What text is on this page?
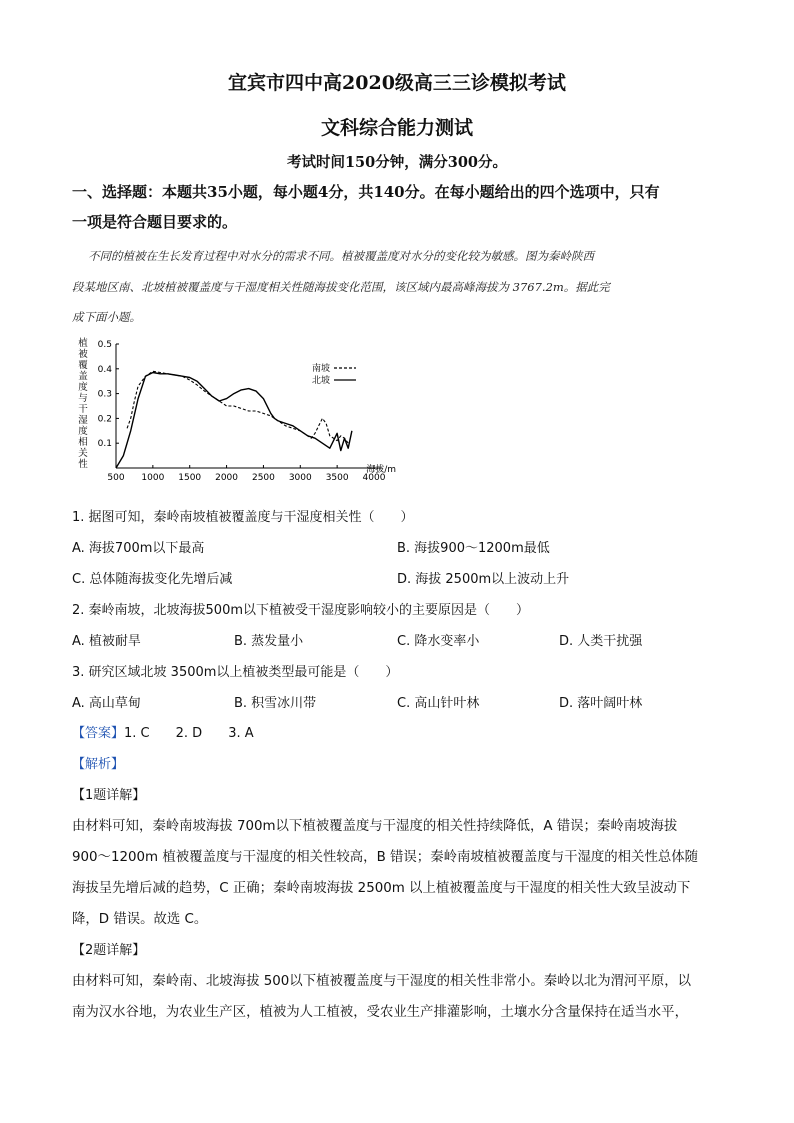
宜宾市四中高2020级高三三诊模拟考试
文科综合能力测试
考试时间150分钟，满分300分。
一、选择题：本题共35小题，每小题4分，共140分。在每小题给出的四个选项中，只有
一项是符合题目要求的。
不同的植被在生长发育过程中对水分的需求不同。植被覆盖度对水分的变化较为敏感。图为秦岭陕西
段某地区南、北坡植被覆盖度与干湿度相关性随海拔变化范围，该区域内最高峰海拔为 3767.2m。据此完
成下面小题。
植
被
覆
盖
度
与
干
湿
度
相
关
性
0.1
0.2
0.3
0.4
0.5
500 1000 1500 2000 2500 3000 3500 4000
南坡
北坡
海拔/m
1. 据图可知，秦岭南坡植被覆盖度与干湿度相关性（　　）
A. 海拔700m以下最高	B. 海拔900～1200m最低
C. 总体随海拔变化先增后减	D. 海拔 2500m以上波动上升
2. 秦岭南坡，北坡海拔500m以下植被受干湿度影响较小的主要原因是（　　）
A. 植被耐旱	B. 蒸发量小	C. 降水变率小	D. 人类干扰强
3. 研究区域北坡 3500m以上植被类型最可能是（　　）
A. 高山草甸	B. 积雪冰川带	C. 高山针叶林	D. 落叶阔叶林
【答案】1. C 2. D 3. A
【解析】
【1题详解】
由材料可知，秦岭南坡海拔 700m以下植被覆盖度与干湿度的相关性持续降低，A 错误；秦岭南坡海拔
900～1200m 植被覆盖度与干湿度的相关性较高，B 错误；秦岭南坡植被覆盖度与干湿度的相关性总体随
海拔呈先增后减的趋势，C 正确；秦岭南坡海拔 2500m 以上植被覆盖度与干湿度的相关性大致呈波动下
降，D 错误。故选 C。
【2题详解】
由材料可知，秦岭南、北坡海拔 500以下植被覆盖度与干湿度的相关性非常小。秦岭以北为渭河平原，以
南为汉水谷地，为农业生产区，植被为人工植被，受农业生产排灌影响，土壤水分含量保持在适当水平，
